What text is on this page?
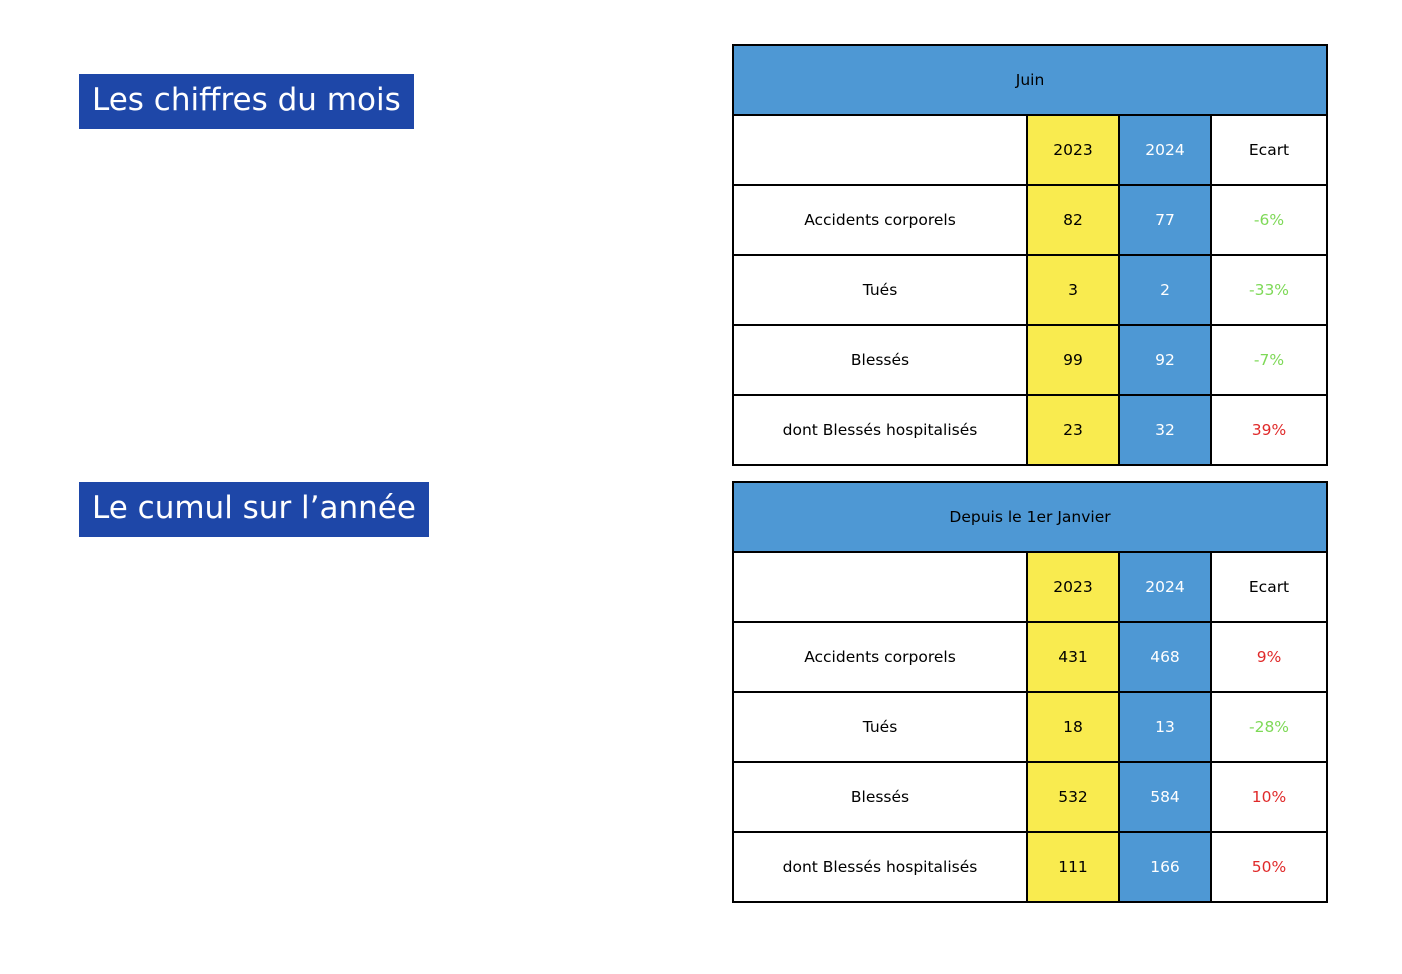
Les chiffres du mois
Le cumul sur l’année
Juin			
	2023	2024	Ecart
Accidents corporels	82	77	-6%
Tués	3	2	-33%
Blessés	99	92	-7%
dont Blessés hospitalisés	23	32	39%
Depuis le 1er Janvier			
	2023	2024	Ecart
Accidents corporels	431	468	9%
Tués	18	13	-28%
Blessés	532	584	10%
dont Blessés hospitalisés	111	166	50%
